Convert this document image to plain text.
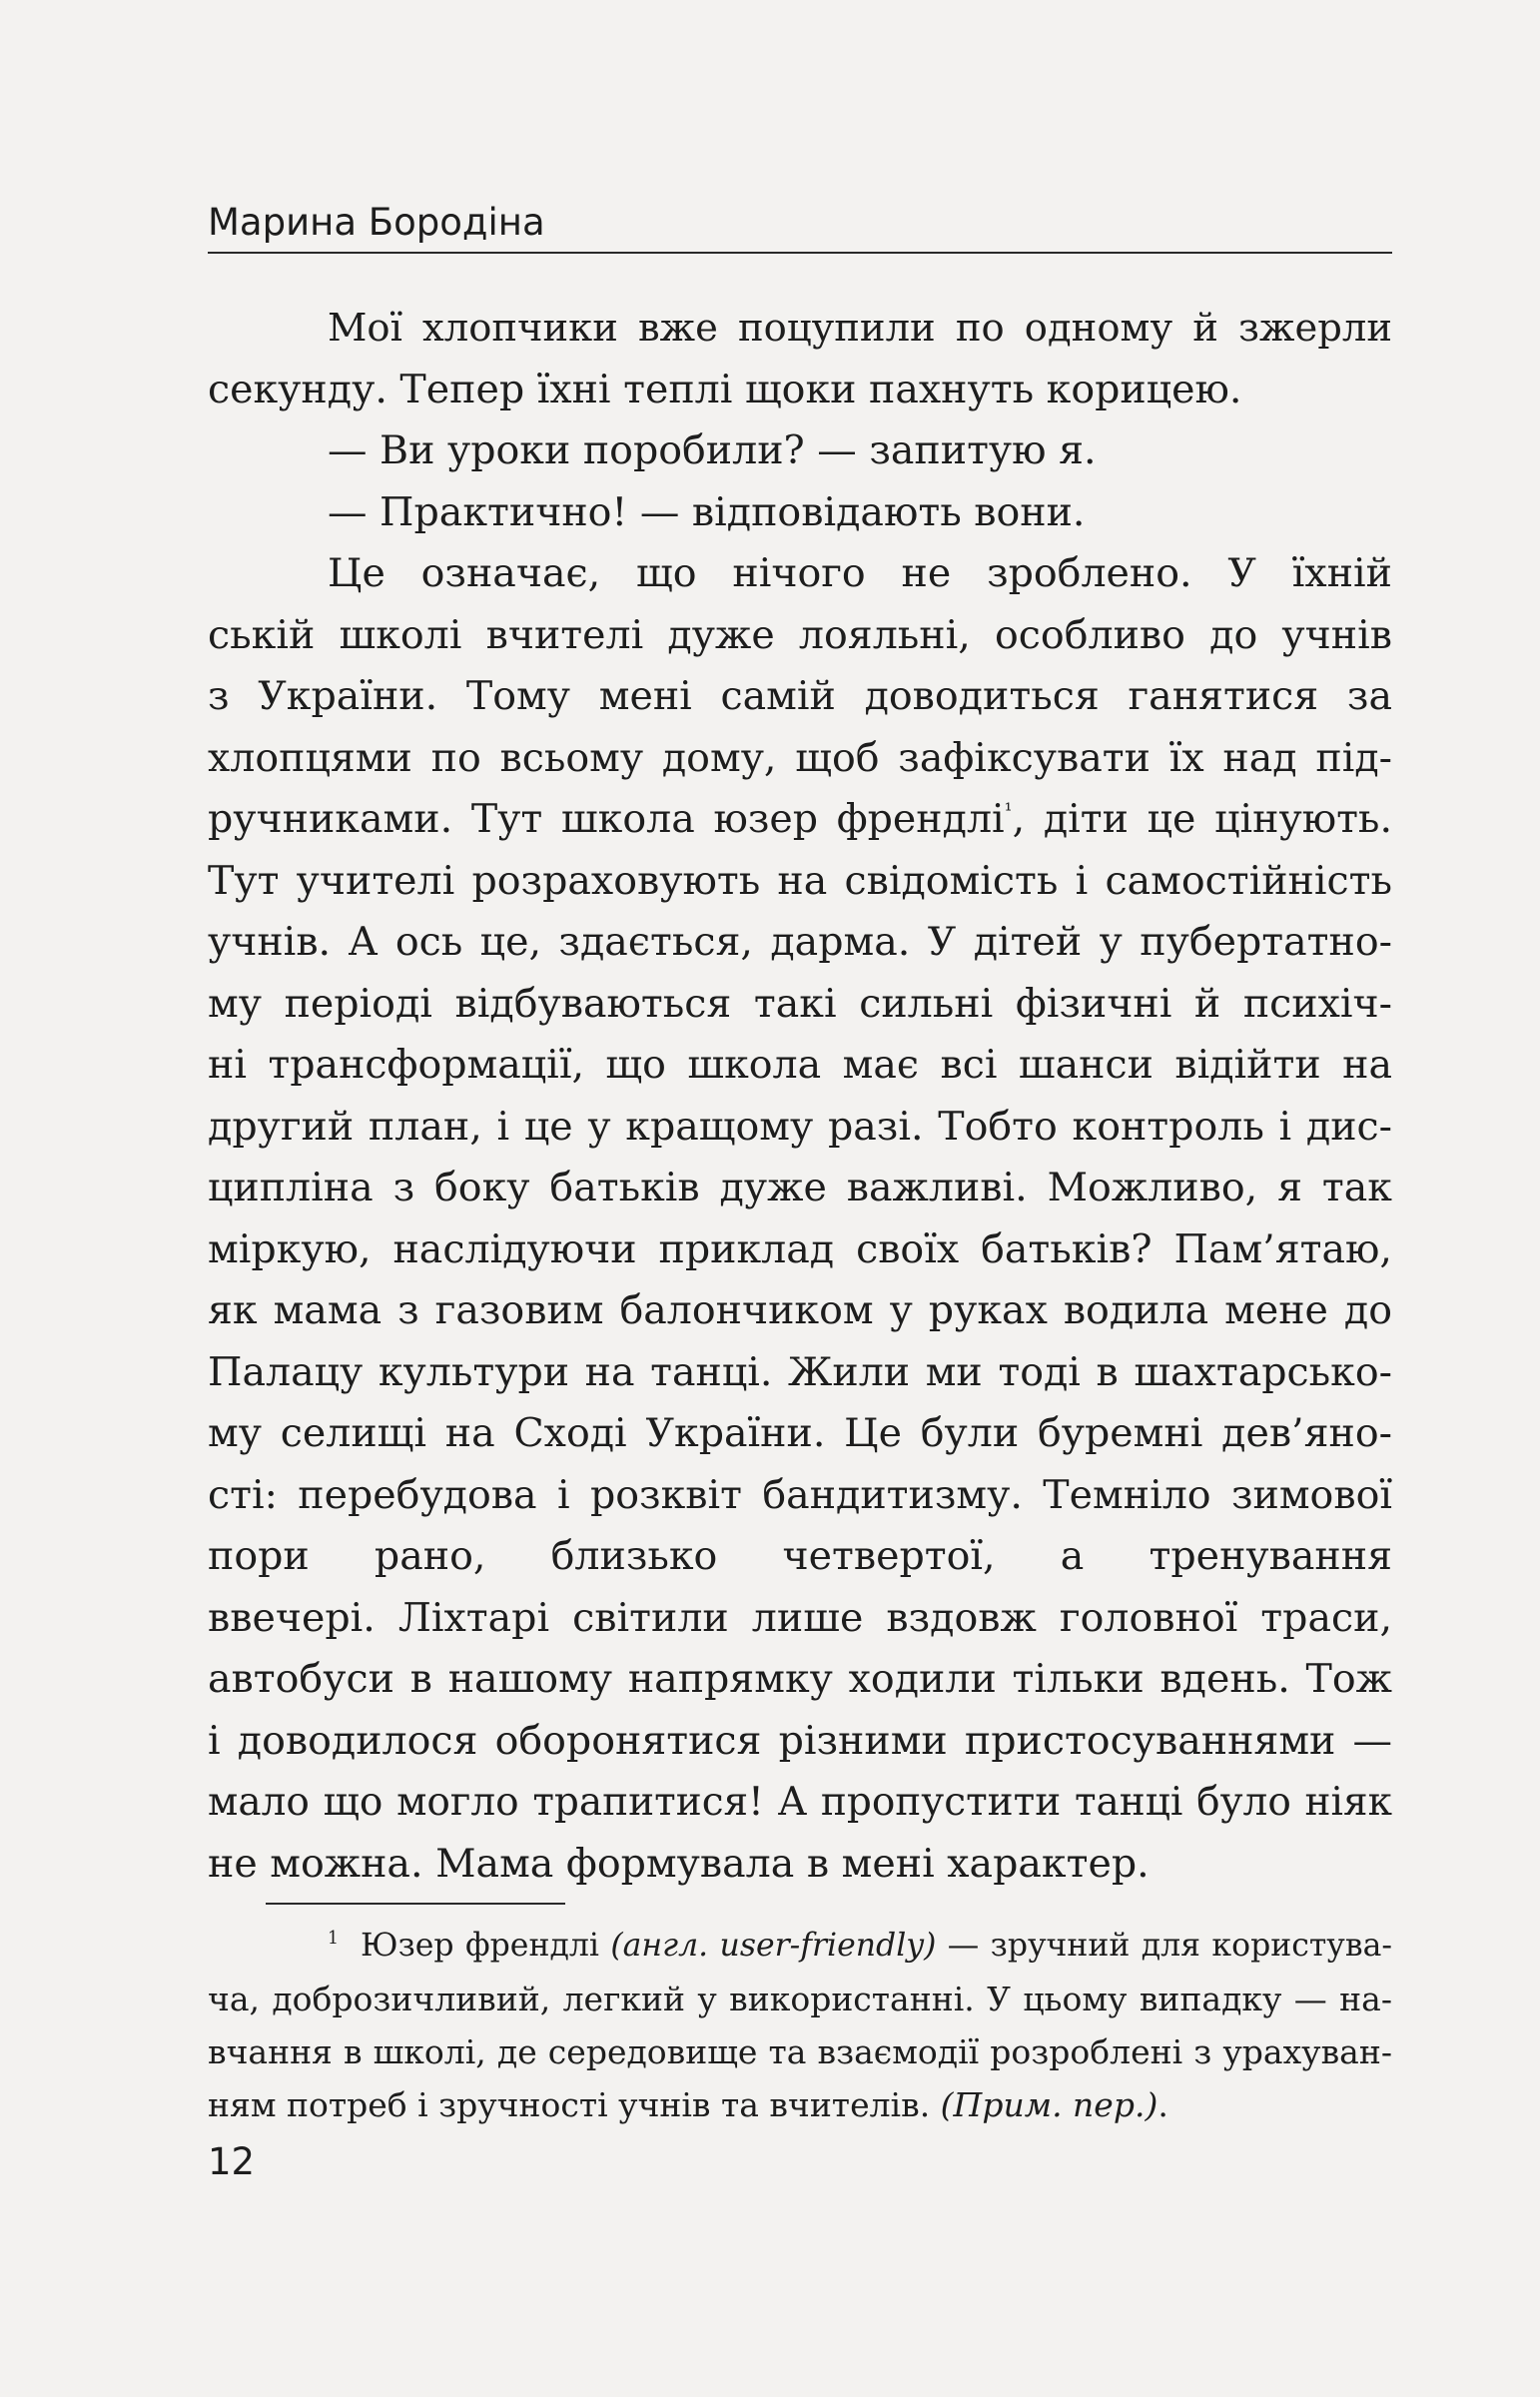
Марина Бородіна
Мої хлопчики вже поцупили по одному й зжерли
секунду. Тепер їхні теплі щоки пахнуть корицею.
— Ви уроки поробили? — запитую я.
— Практично! — відповідають вони.
Це означає, що нічого не зроблено. У їхній
ській школі вчителі дуже лояльні, особливо до учнів
з України. Тому мені самій доводиться ганятися за
хлопцями по всьому дому, щоб зафіксувати їх над під-
ручниками. Тут школа юзер френдлі$^{^1}$, діти це цінують.
Тут учителі розраховують на свідомість і самостійність
учнів. А ось це, здається, дарма. У дітей у пубертатно-
му періоді відбуваються такі сильні фізичні й психіч-
ні трансформації, що школа має всі шанси відійти на
другий план, і це у кращому разі. Тобто контроль і дис-
ципліна з боку батьків дуже важливі. Можливо, я так
міркую, наслідуючи приклад своїх батьків? Пам’ятаю,
як мама з газовим балончиком у руках водила мене до
Палацу культури на танці. Жили ми тоді в шахтарсько-
му селищі на Сході України. Це були буремні дев’яно-
сті: перебудова і розквіт бандитизму. Темніло зимової
пори рано, близько четвертої, а тренування
ввечері. Ліхтарі світили лише вздовж головної траси,
автобуси в нашому напрямку ходили тільки вдень. Тож
і доводилося оборонятися різними пристосуваннями —
мало що могло трапитися! А пропустити танці було ніяк
не можна. Мама формувала в мені характер.
$^1$ Юзер френдлі (англ. user-friendly) — зручний для користува-
ча, доброзичливий, легкий у використанні. У цьому випадку — на-
вчання в школі, де середовище та взаємодії розроблені з урахуван-
ням потреб і зручності учнів та вчителів. (Прим. пер.).
12
